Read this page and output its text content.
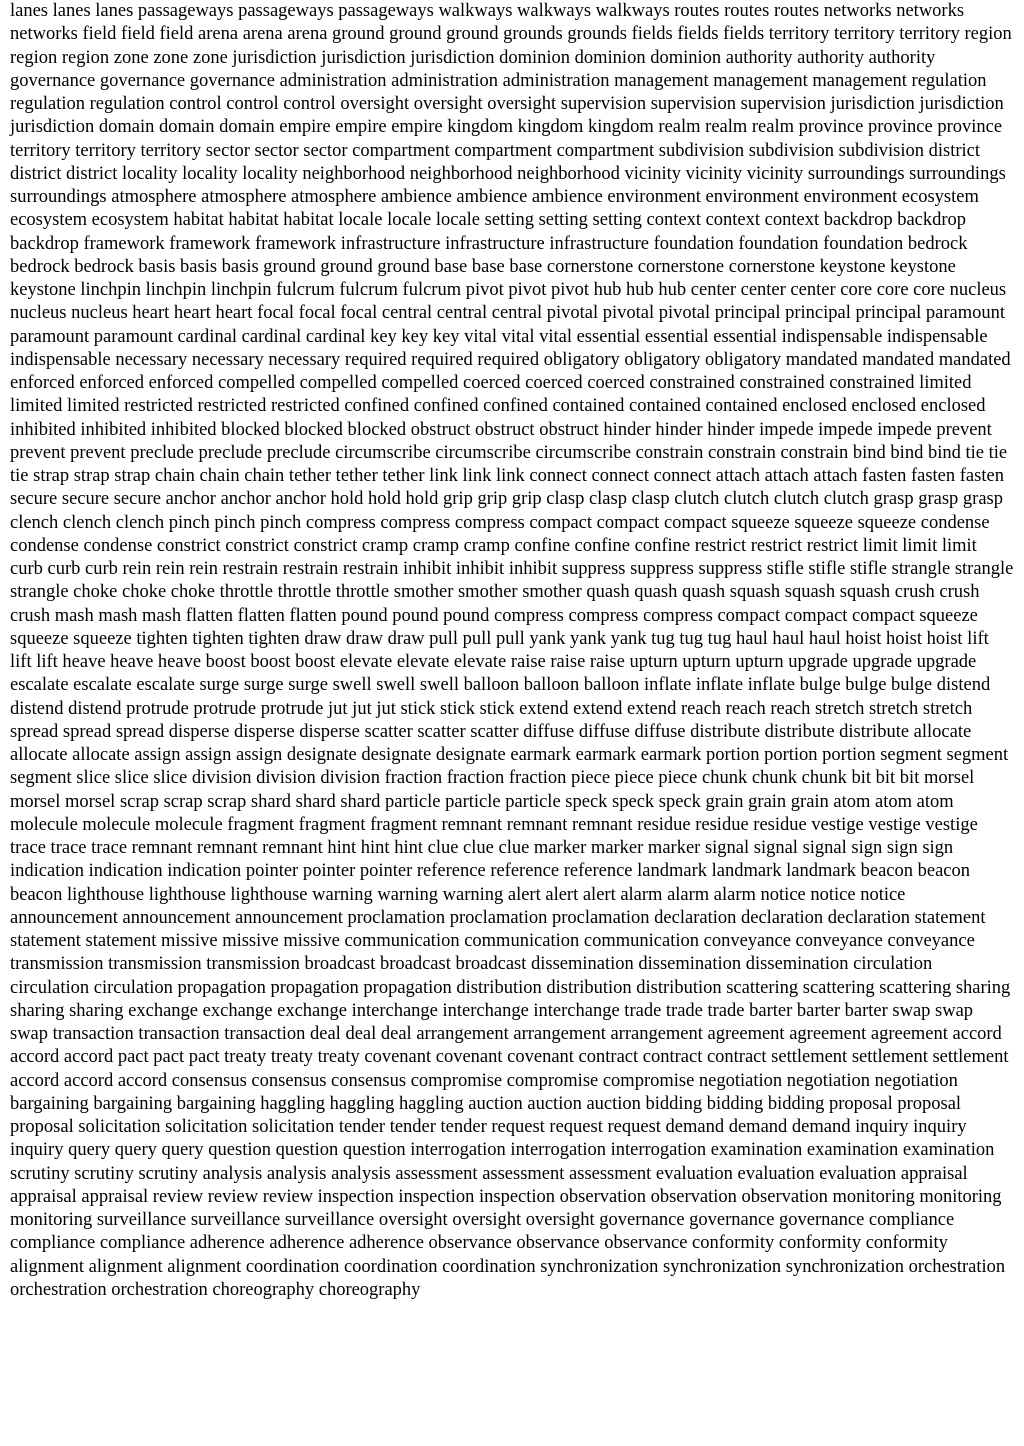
lanes lanes lanes passageways passageways passageways walkways walkways walkways routes routes routes networks networks networks field field field arena arena arena ground ground ground grounds grounds fields fields fields territory territory territory region region region zone zone zone jurisdiction jurisdiction jurisdiction dominion dominion dominion authority authority authority governance governance governance administration administration administration management management management regulation regulation regulation control control control oversight oversight oversight supervision supervision supervision jurisdiction jurisdiction jurisdiction domain domain domain empire empire empire kingdom kingdom kingdom realm realm realm province province province territory territory territory sector sector sector compartment compartment compartment subdivision subdivision subdivision district district district locality locality locality neighborhood neighborhood neighborhood vicinity vicinity vicinity surroundings surroundings surroundings atmosphere atmosphere atmosphere ambience ambience ambience environment environment environment ecosystem ecosystem ecosystem habitat habitat habitat locale locale locale setting setting setting context context context backdrop backdrop backdrop framework framework framework infrastructure infrastructure infrastructure foundation foundation foundation bedrock bedrock bedrock basis basis basis ground ground ground base base base cornerstone cornerstone cornerstone keystone keystone keystone linchpin linchpin linchpin fulcrum fulcrum fulcrum pivot pivot pivot hub hub hub center center center core core core nucleus nucleus nucleus heart heart heart focal focal focal central central central pivotal pivotal pivotal principal principal principal paramount paramount paramount cardinal cardinal cardinal key key key vital vital vital essential essential essential indispensable indispensable indispensable necessary necessary necessary required required required obligatory obligatory obligatory mandated mandated mandated enforced enforced enforced compelled compelled compelled coerced coerced coerced constrained constrained constrained limited limited limited restricted restricted restricted confined confined confined contained contained contained enclosed enclosed enclosed inhibited inhibited inhibited blocked blocked blocked obstruct obstruct obstruct hinder hinder hinder impede impede impede prevent prevent prevent preclude preclude preclude circumscribe circumscribe circumscribe constrain constrain constrain bind bind bind tie tie tie strap strap strap chain chain chain tether tether tether link link link connect connect connect attach attach attach fasten fasten fasten secure secure secure anchor anchor anchor hold hold hold grip grip grip clasp clasp clasp clutch clutch clutch clutch grasp grasp grasp clench clench clench pinch pinch pinch compress compress compress compact compact compact squeeze squeeze squeeze condense condense condense constrict constrict constrict cramp cramp cramp confine confine confine restrict restrict restrict limit limit limit curb curb curb rein rein rein restrain restrain restrain inhibit inhibit inhibit suppress suppress suppress stifle stifle stifle strangle strangle strangle choke choke choke throttle throttle throttle smother smother smother quash quash quash squash squash squash crush crush crush mash mash mash flatten flatten flatten pound pound pound compress compress compress compact compact compact squeeze squeeze squeeze tighten tighten tighten draw draw draw pull pull pull yank yank yank tug tug tug haul haul haul hoist hoist hoist lift lift lift heave heave heave boost boost boost elevate elevate elevate raise raise raise upturn upturn upturn upgrade upgrade upgrade escalate escalate escalate surge surge surge swell swell swell balloon balloon balloon inflate inflate inflate bulge bulge bulge distend distend distend protrude protrude protrude jut jut jut stick stick stick extend extend extend reach reach reach stretch stretch stretch spread spread spread disperse disperse disperse scatter scatter scatter diffuse diffuse diffuse distribute distribute distribute allocate allocate allocate assign assign assign designate designate designate earmark earmark earmark portion portion portion segment segment segment slice slice slice division division division fraction fraction fraction piece piece piece chunk chunk chunk bit bit bit morsel morsel morsel scrap scrap scrap shard shard shard particle particle particle speck speck speck grain grain grain atom atom atom molecule molecule molecule fragment fragment fragment remnant remnant remnant residue residue residue vestige vestige vestige trace trace trace remnant remnant remnant hint hint hint clue clue clue marker marker marker signal signal signal sign sign sign indication indication indication pointer pointer pointer reference reference reference landmark landmark landmark beacon beacon beacon lighthouse lighthouse lighthouse warning warning warning alert alert alert alarm alarm alarm notice notice notice announcement announcement announcement proclamation proclamation proclamation declaration declaration declaration statement statement statement missive missive missive communication communication communication conveyance conveyance conveyance transmission transmission transmission broadcast broadcast broadcast dissemination dissemination dissemination circulation circulation circulation propagation propagation propagation distribution distribution distribution scattering scattering scattering sharing sharing sharing exchange exchange exchange interchange interchange interchange trade trade trade barter barter barter swap swap swap transaction transaction transaction deal deal deal arrangement arrangement arrangement agreement agreement agreement accord accord accord pact pact pact treaty treaty treaty covenant covenant covenant contract contract contract settlement settlement settlement accord accord accord consensus consensus consensus compromise compromise compromise negotiation negotiation negotiation bargaining bargaining bargaining haggling haggling haggling auction auction auction bidding bidding bidding proposal proposal proposal solicitation solicitation solicitation tender tender tender request request request demand demand demand inquiry inquiry inquiry query query query question question question interrogation interrogation interrogation examination examination examination scrutiny scrutiny scrutiny analysis analysis analysis assessment assessment assessment evaluation evaluation evaluation appraisal appraisal appraisal review review review inspection inspection inspection observation observation observation monitoring monitoring monitoring surveillance surveillance surveillance oversight oversight oversight governance governance governance compliance compliance compliance adherence adherence adherence observance observance observance conformity conformity conformity alignment alignment alignment coordination coordination coordination synchronization synchronization synchronization orchestration orchestration orchestration choreography choreography
